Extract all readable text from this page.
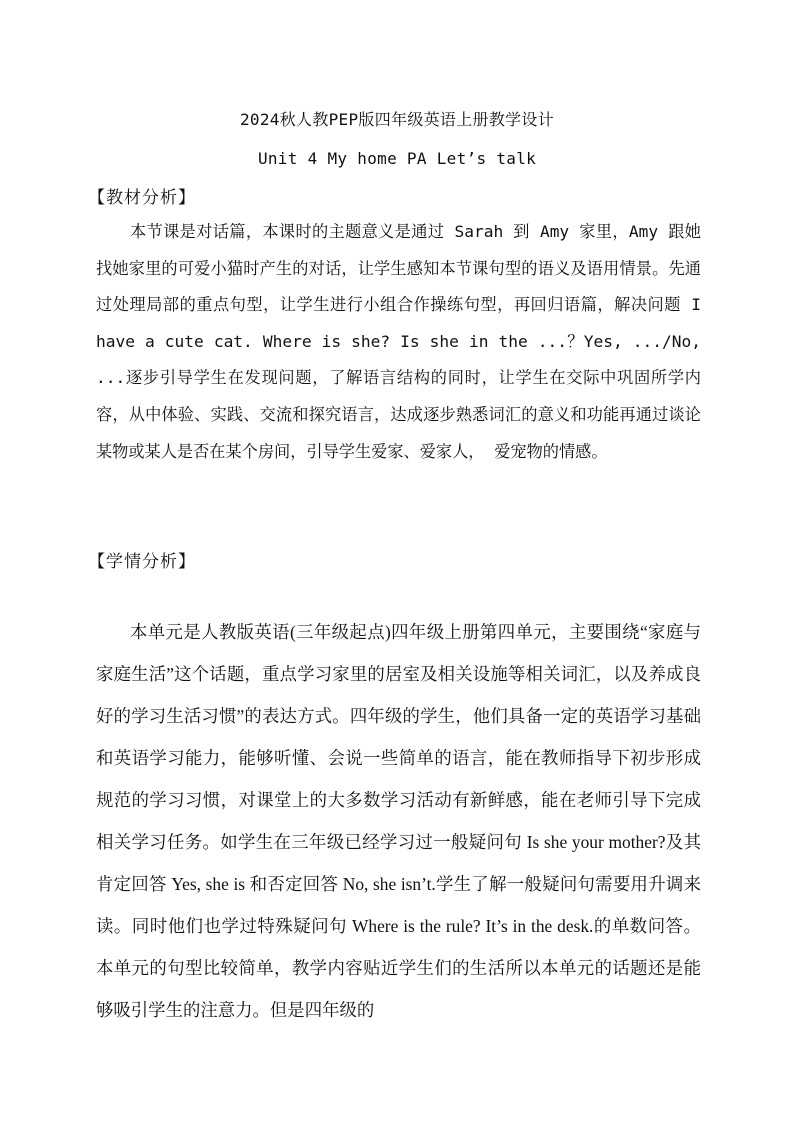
2024秋人教PEP版四年级英语上册教学设计
Unit 4 My home PA Let’s talk
【教材分析】

本节课是对话篇，本课时的主题意义是通过 Sarah 到 Amy 家里，Amy 跟她找她家里的可爱小猫时产生的对话，让学生感知本节课句型的语义及语用情景。先通过处理局部的重点句型，让学生进行小组合作操练句型，再回归语篇，解决问题 I have a cute cat. Where is she? Is she in the ...？Yes, .../No, ...逐步引导学生在发现问题，了解语言结构的同时，让学生在交际中巩固所学内容，从中体验、实践、交流和探究语言，达成逐步熟悉词汇的意义和功能再通过谈论某物或某人是否在某个房间，引导学生爱家、爱家人， 爱宠物的情感。

【学情分析】

本单元是人教版英语(三年级起点)四年级上册第四单元，主要围绕“家庭与家庭生活”这个话题，重点学习家里的居室及相关设施等相关词汇，以及养成良好的学习生活习惯”的表达方式。四年级的学生，他们具备一定的英语学习基础和英语学习能力，能够听懂、会说一些简单的语言，能在教师指导下初步形成规范的学习习惯，对课堂上的大多数学习活动有新鲜感，能在老师引导下完成相关学习任务。如学生在三年级已经学习过一般疑问句 Is she your mother?及其肯定回答 Yes, she is 和否定回答 No, she isn’t.学生了解一般疑问句需要用升调来读。同时他们也学过特殊疑问句 Where is the rule? It’s in the desk.的单数问答。本单元的句型比较简单，教学内容贴近学生们的生活所以本单元的话题还是能够吸引学生的注意力。但是四年级的
